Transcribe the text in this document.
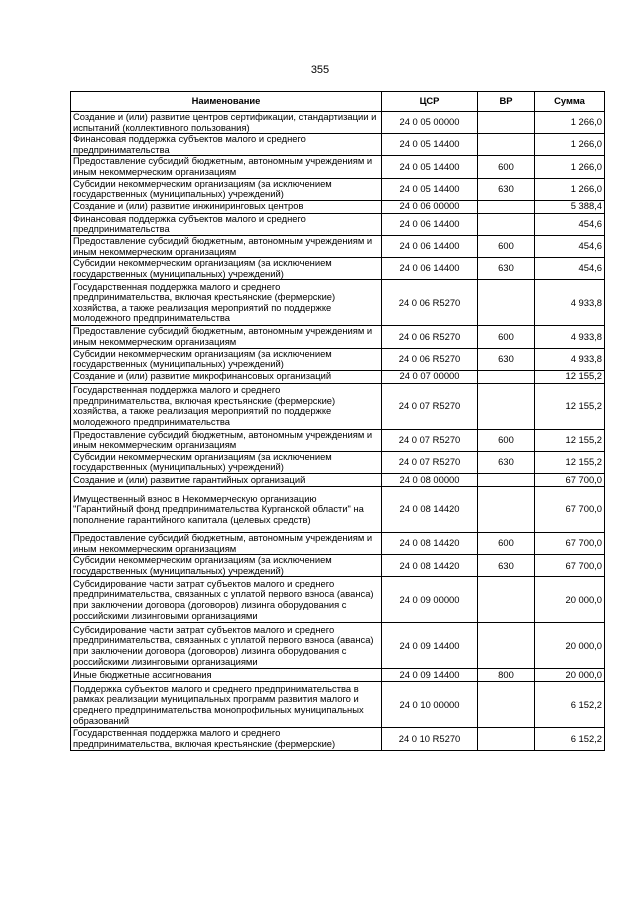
355
Наименование	ЦСР	ВР	Сумма
Создание и (или) развитие центров сертификации, стандартизации и испытаний (коллективного пользования)	24 0 05 00000		1 266,0
Финансовая поддержка субъектов малого и среднего предпринимательства	24 0 05 14400		1 266,0
Предоставление субсидий бюджетным, автономным учреждениям и иным некоммерческим организациям	24 0 05 14400	600	1 266,0
Субсидии некоммерческим организациям (за исключением государственных (муниципальных) учреждений)	24 0 05 14400	630	1 266,0
Создание и (или) развитие инжиниринговых центров	24 0 06 00000		5 388,4
Финансовая поддержка субъектов малого и среднего предпринимательства	24 0 06 14400		454,6
Предоставление субсидий бюджетным, автономным учреждениям и иным некоммерческим организациям	24 0 06 14400	600	454,6
Субсидии некоммерческим организациям (за исключением государственных (муниципальных) учреждений)	24 0 06 14400	630	454,6
Государственная поддержка малого и среднего предпринимательства, включая крестьянские (фермерские) хозяйства, а также реализация мероприятий по поддержке молодежного предпринимательства	24 0 06 R5270		4 933,8
Предоставление субсидий бюджетным, автономным учреждениям и иным некоммерческим организациям	24 0 06 R5270	600	4 933,8
Субсидии некоммерческим организациям (за исключением государственных (муниципальных) учреждений)	24 0 06 R5270	630	4 933,8
Создание и (или) развитие микрофинансовых организаций	24 0 07 00000		12 155,2
Государственная поддержка малого и среднего предпринимательства, включая крестьянские (фермерские) хозяйства, а также реализация мероприятий по поддержке молодежного предпринимательства	24 0 07 R5270		12 155,2
Предоставление субсидий бюджетным, автономным учреждениям и иным некоммерческим организациям	24 0 07 R5270	600	12 155,2
Субсидии некоммерческим организациям (за исключением государственных (муниципальных) учреждений)	24 0 07 R5270	630	12 155,2
Создание и (или) развитие гарантийных организаций	24 0 08 00000		67 700,0
Имущественный взнос в Некоммерческую организацию "Гарантийный фонд предпринимательства Курганской области" на пополнение гарантийного капитала (целевых средств)	24 0 08 14420		67 700,0
Предоставление субсидий бюджетным, автономным учреждениям и иным некоммерческим организациям	24 0 08 14420	600	67 700,0
Субсидии некоммерческим организациям (за исключением государственных (муниципальных) учреждений)	24 0 08 14420	630	67 700,0
Субсидирование части затрат субъектов малого и среднего предпринимательства, связанных с уплатой первого взноса (аванса) при заключении договора (договоров) лизинга оборудования с российскими лизинговыми организациями	24 0 09 00000		20 000,0
Субсидирование части затрат субъектов малого и среднего предпринимательства, связанных с уплатой первого взноса (аванса) при заключении договора (договоров) лизинга оборудования с российскими лизинговыми организациями	24 0 09 14400		20 000,0
Иные бюджетные ассигнования	24 0 09 14400	800	20 000,0
Поддержка субъектов малого и среднего предпринимательства в рамках реализации муниципальных программ развития малого и среднего предпринимательства монопрофильных муниципальных образований	24 0 10 00000		6 152,2
Государственная поддержка малого и среднего предпринимательства, включая крестьянские (фермерские)	24 0 10 R5270		6 152,2
